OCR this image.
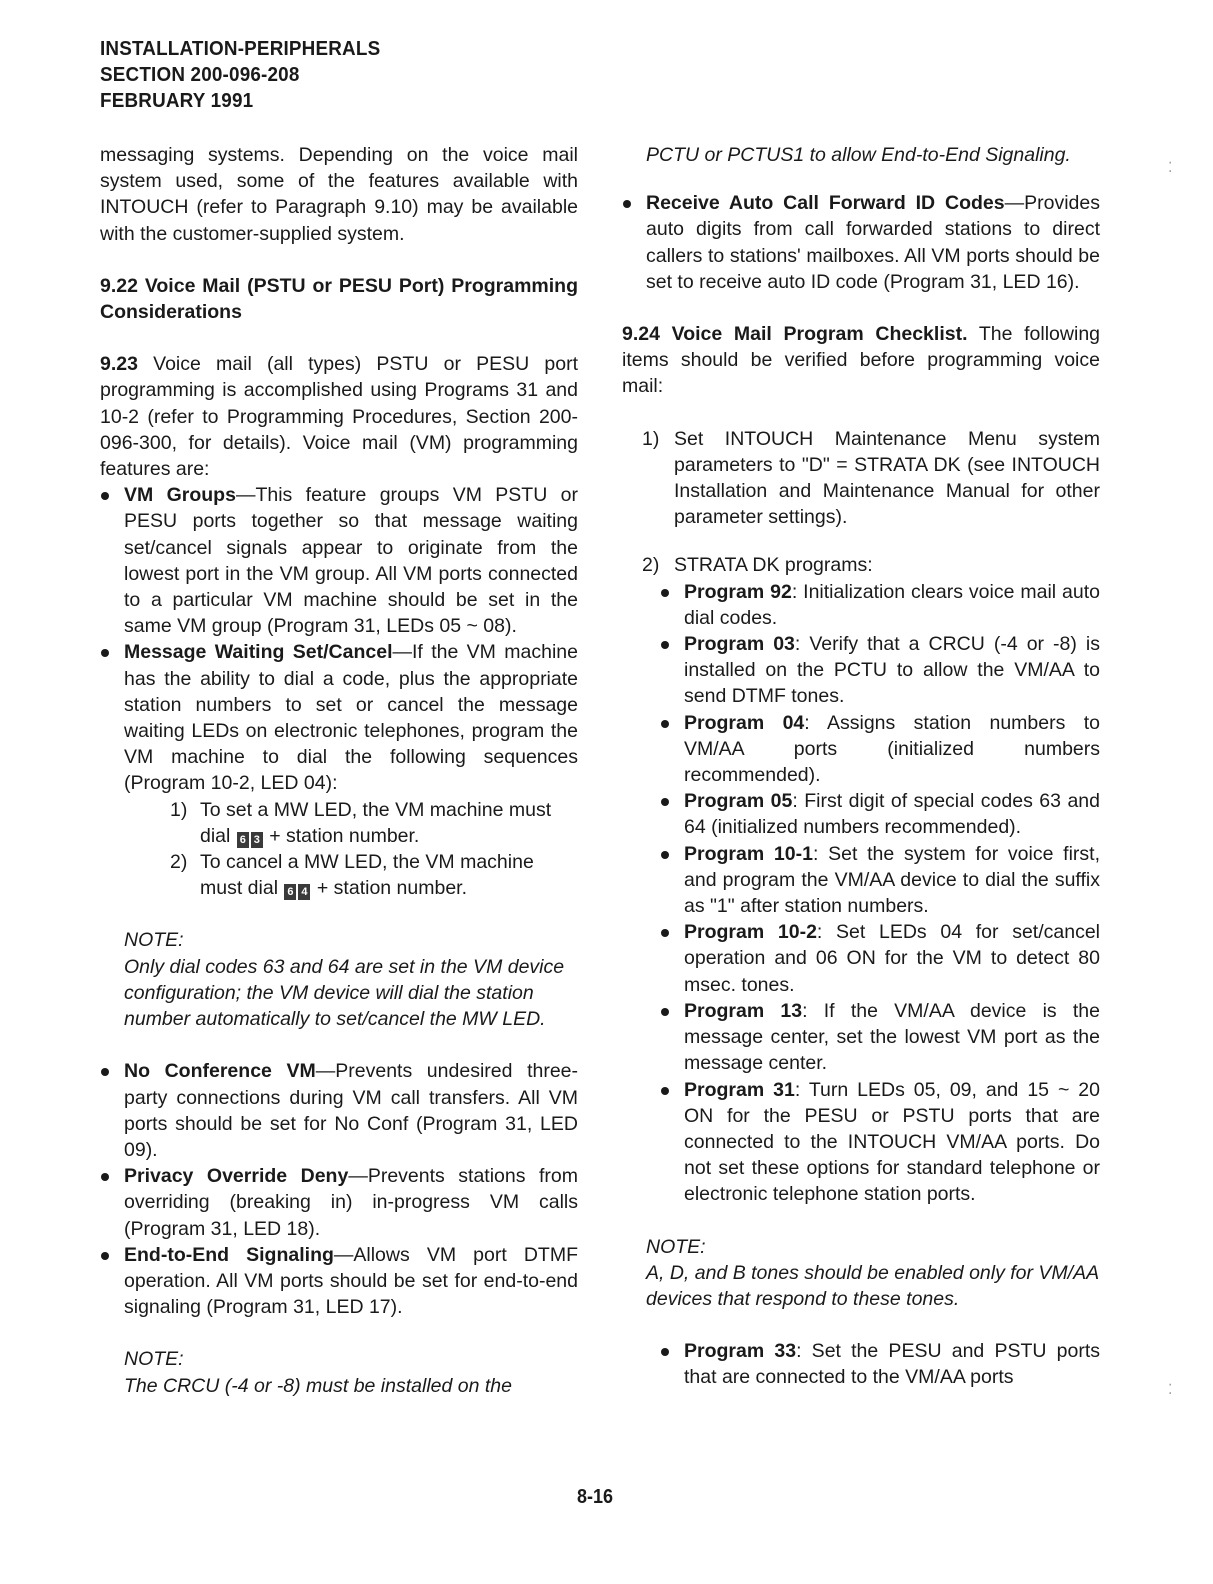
INSTALLATION-PERIPHERALS
SECTION 200-096-208
FEBRUARY 1991

messaging systems. Depending on the voice mail system used, some of the features available with INTOUCH (refer to Paragraph 9.10) may be available with the customer-supplied system.

9.22 Voice Mail (PSTU or PESU Port) Programming Considerations

9.23 Voice mail (all types) PSTU or PESU port programming is accomplished using Programs 31 and 10-2 (refer to Programming Procedures, Section 200-096-300, for details). Voice mail (VM) programming features are:

VM Groups—This feature groups VM PSTU or PESU ports together so that message waiting set/cancel signals appear to originate from the lowest port in the VM group. All VM ports connected to a particular VM machine should be set in the same VM group (Program 31, LEDs 05 ~ 08).
Message Waiting Set/Cancel—If the VM machine has the ability to dial a code, plus the appropriate station numbers to set or cancel the message waiting LEDs on electronic telephones, program the VM machine to dial the following sequences (Program 10-2, LED 04):
1) To set a MW LED, the VM machine must dial 6 3 + station number.
2) To cancel a MW LED, the VM machine must dial 6 4 + station number.
NOTE:
Only dial codes 63 and 64 are set in the VM device configuration; the VM device will dial the station number automatically to set/cancel the MW LED.
No Conference VM—Prevents undesired three-party connections during VM call transfers. All VM ports should be set for No Conf (Program 31, LED 09).
Privacy Override Deny—Prevents stations from overriding (breaking in) in-progress VM calls (Program 31, LED 18).
End-to-End Signaling—Allows VM port DTMF operation. All VM ports should be set for end-to-end signaling (Program 31, LED 17).
NOTE:
The CRCU (-4 or -8) must be installed on the
PCTU or PCTUS1 to allow End-to-End Signaling.
Receive Auto Call Forward ID Codes—Provides auto digits from call forwarded stations to direct callers to stations' mailboxes. All VM ports should be set to receive auto ID code (Program 31, LED 16).

9.24 Voice Mail Program Checklist. The following items should be verified before programming voice mail:

1) Set INTOUCH Maintenance Menu system parameters to "D" = STRATA DK (see INTOUCH Installation and Maintenance Manual for other parameter settings).
2) STRATA DK programs:
Program 92: Initialization clears voice mail auto dial codes.
Program 03: Verify that a CRCU (-4 or -8) is installed on the PCTU to allow the VM/AA to send DTMF tones.
Program 04: Assigns station numbers to VM/AA ports (initialized numbers recommended).
Program 05: First digit of special codes 63 and 64 (initialized numbers recommended).
Program 10-1: Set the system for voice first, and program the VM/AA device to dial the suffix as "1" after station numbers.
Program 10-2: Set LEDs 04 for set/cancel operation and 06 ON for the VM to detect 80 msec. tones.
Program 13: If the VM/AA device is the message center, set the lowest VM port as the message center.
Program 31: Turn LEDs 05, 09, and 15 ~ 20 ON for the PESU or PSTU ports that are connected to the INTOUCH VM/AA ports. Do not set these options for standard telephone or electronic telephone station ports.
NOTE:
A, D, and B tones should be enabled only for VM/AA devices that respond to these tones.
Program 33: Set the PESU and PSTU ports that are connected to the VM/AA ports
8-16
⁚
⁚
